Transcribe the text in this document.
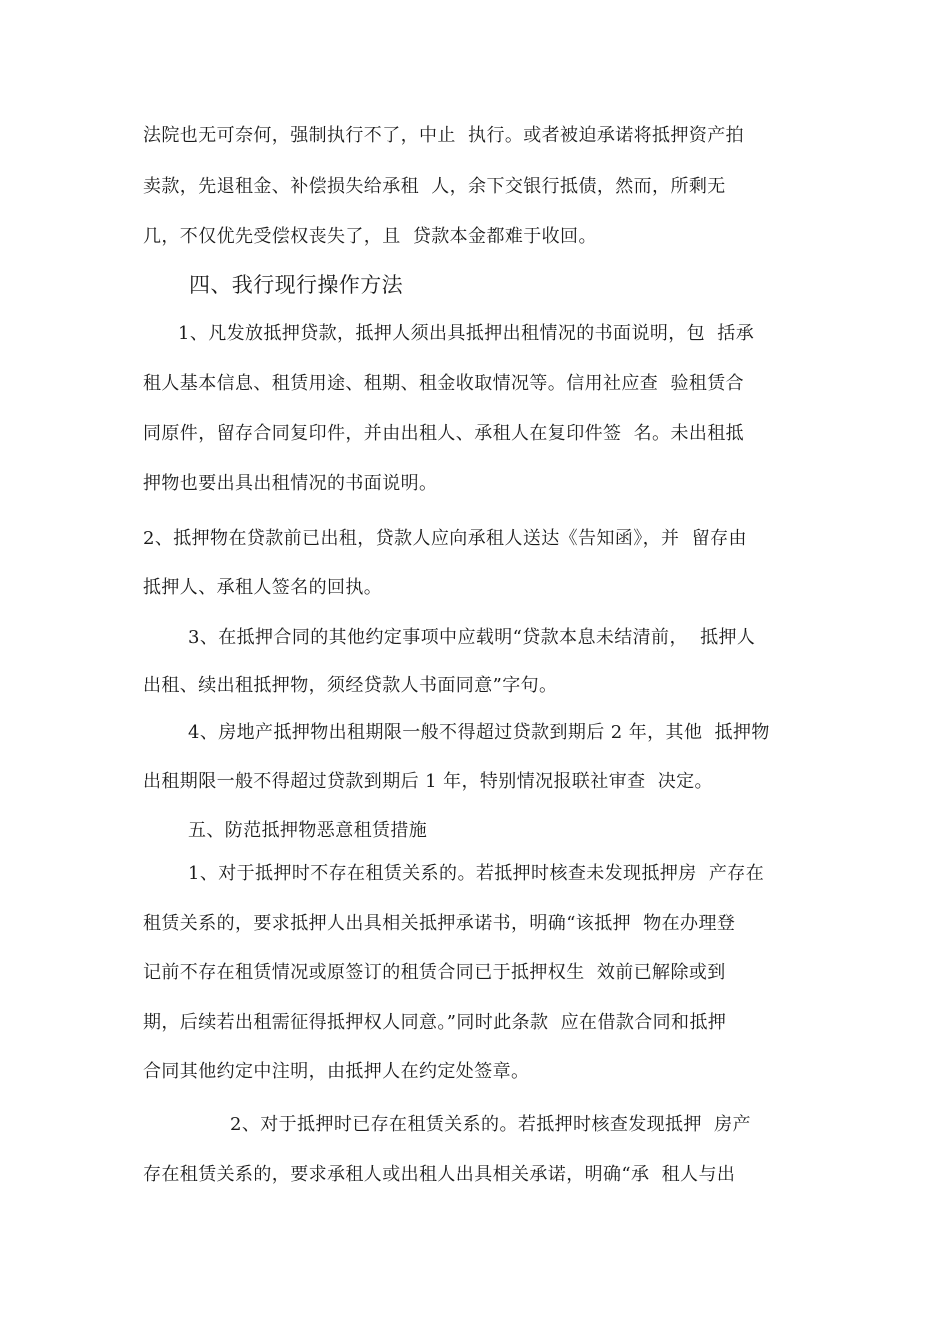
法院也无可奈何，强制执行不了，中止  执行。或者被迫承诺将抵押资产拍
卖款，先退租金、补偿损失给承租  人，余下交银行抵债，然而，所剩无
几，不仅优先受偿权丧失了，且  贷款本金都难于收回。
四、我行现行操作方法
1、凡发放抵押贷款，抵押人须出具抵押出租情况的书面说明，包  括承
租人基本信息、租赁用途、租期、租金收取情况等。信用社应查  验租赁合
同原件，留存合同复印件，并由出租人、承租人在复印件签  名。未出租抵
押物也要出具出租情况的书面说明。
2、抵押物在贷款前已出租，贷款人应向承租人送达《告知函》，并  留存由
抵押人、承租人签名的回执。
3、在抵押合同的其他约定事项中应载明“贷款本息未结清前，  抵押人
出租、续出租抵押物，须经贷款人书面同意”字句。
4、房地产抵押物出租期限一般不得超过贷款到期后 2 年，其他  抵押物
出租期限一般不得超过贷款到期后 1 年，特别情况报联社审查  决定。
五、防范抵押物恶意租赁措施
1、对于抵押时不存在租赁关系的。若抵押时核查未发现抵押房  产存在
租赁关系的，要求抵押人出具相关抵押承诺书，明确“该抵押  物在办理登
记前不存在租赁情况或原签订的租赁合同已于抵押权生  效前已解除或到
期，后续若出租需征得抵押权人同意。”同时此条款  应在借款合同和抵押
合同其他约定中注明，由抵押人在约定处签章。
2、对于抵押时已存在租赁关系的。若抵押时核查发现抵押  房产
存在租赁关系的，要求承租人或出租人出具相关承诺，明确“承  租人与出
